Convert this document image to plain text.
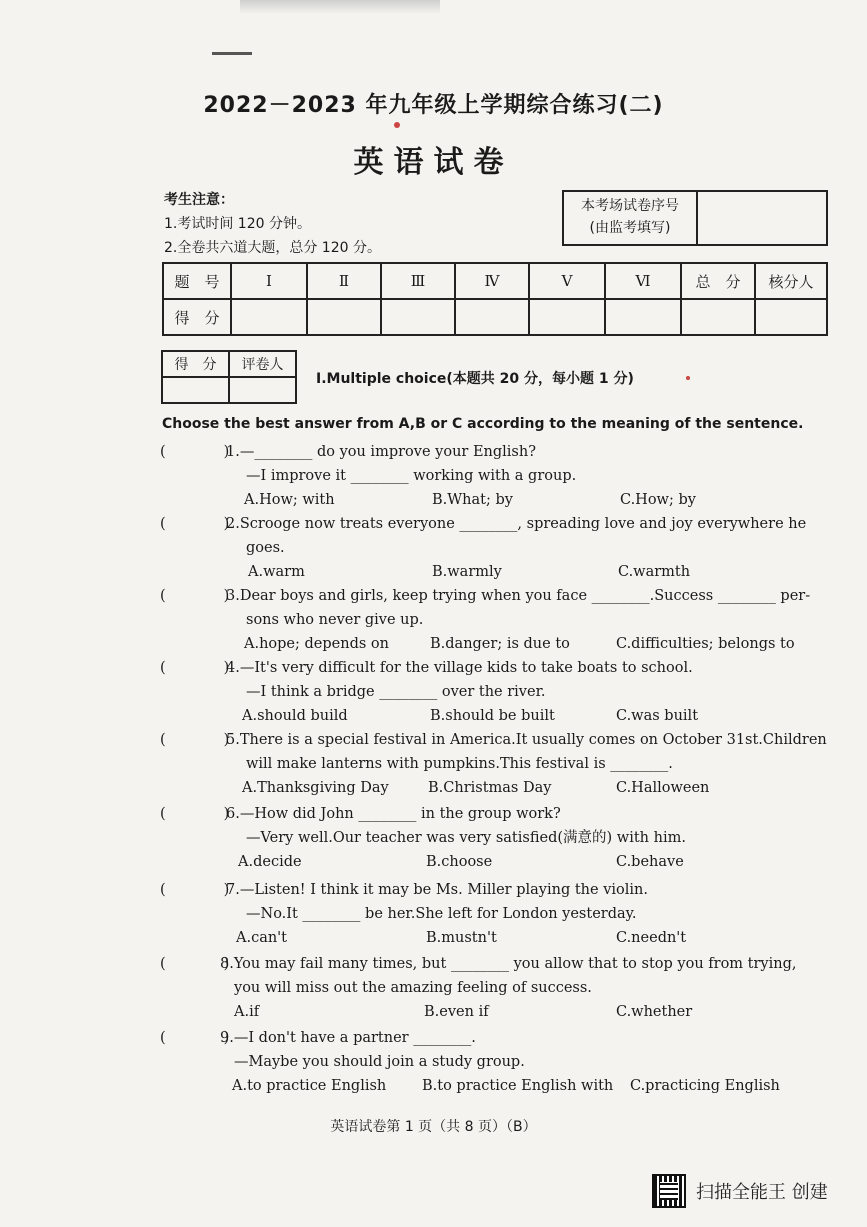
2022－2023 年九年级上学期综合练习(二)
英语试卷
考生注意：
1.考试时间 120 分钟。
2.全卷共六道大题，总分 120 分。
本考场试卷序号
(由监考填写)
题　号	Ⅰ	Ⅱ	Ⅲ	Ⅳ	Ⅴ	Ⅵ	总　分	核分人
得　分								
得　分	评卷人

Ⅰ.Multiple choice(本题共 20 分，每小题 1 分)
Choose the best answer from A,B or C according to the meaning of the sentence.
(　　　　)
1.—________ do you improve your English?
—I improve it ________ working with a group.
A.How; with	B.What; by	C.How; by
(　　　　)
2.Scrooge now treats everyone ________, spreading love and joy everywhere he
goes.
A.warm	B.warmly	C.warmth
(　　　　)
3.Dear boys and girls, keep trying when you face ________.Success ________ per-
sons who never give up.
A.hope; depends on	B.danger; is due to	C.difficulties; belongs to
(　　　　)
4.—It's very difficult for the village kids to take boats to school.
—I think a bridge ________ over the river.
A.should build	B.should be built	C.was built
(　　　　)
5.There is a special festival in America.It usually comes on October 31st.Children
will make lanterns with pumpkins.This festival is ________.
A.Thanksgiving Day	B.Christmas Day	C.Halloween
(　　　　)
6.—How did John ________ in the group work?
—Very well.Our teacher was very satisfied(满意的) with him.
A.decide	B.choose	C.behave
(　　　　)
7.—Listen! I think it may be Ms. Miller playing the violin.
—No.It ________ be her.She left for London yesterday.
A.can't	B.mustn't	C.needn't
(　　　　)
8.You may fail many times, but ________ you allow that to stop you from trying,
you will miss out the amazing feeling of success.
A.if	B.even if	C.whether
(　　　　)
9.—I don't have a partner ________.
—Maybe you should join a study group.
A.to practice English B.to practice English with C.practicing English
英语试卷第 1 页（共 8 页）（B）
扫描全能王 创建
